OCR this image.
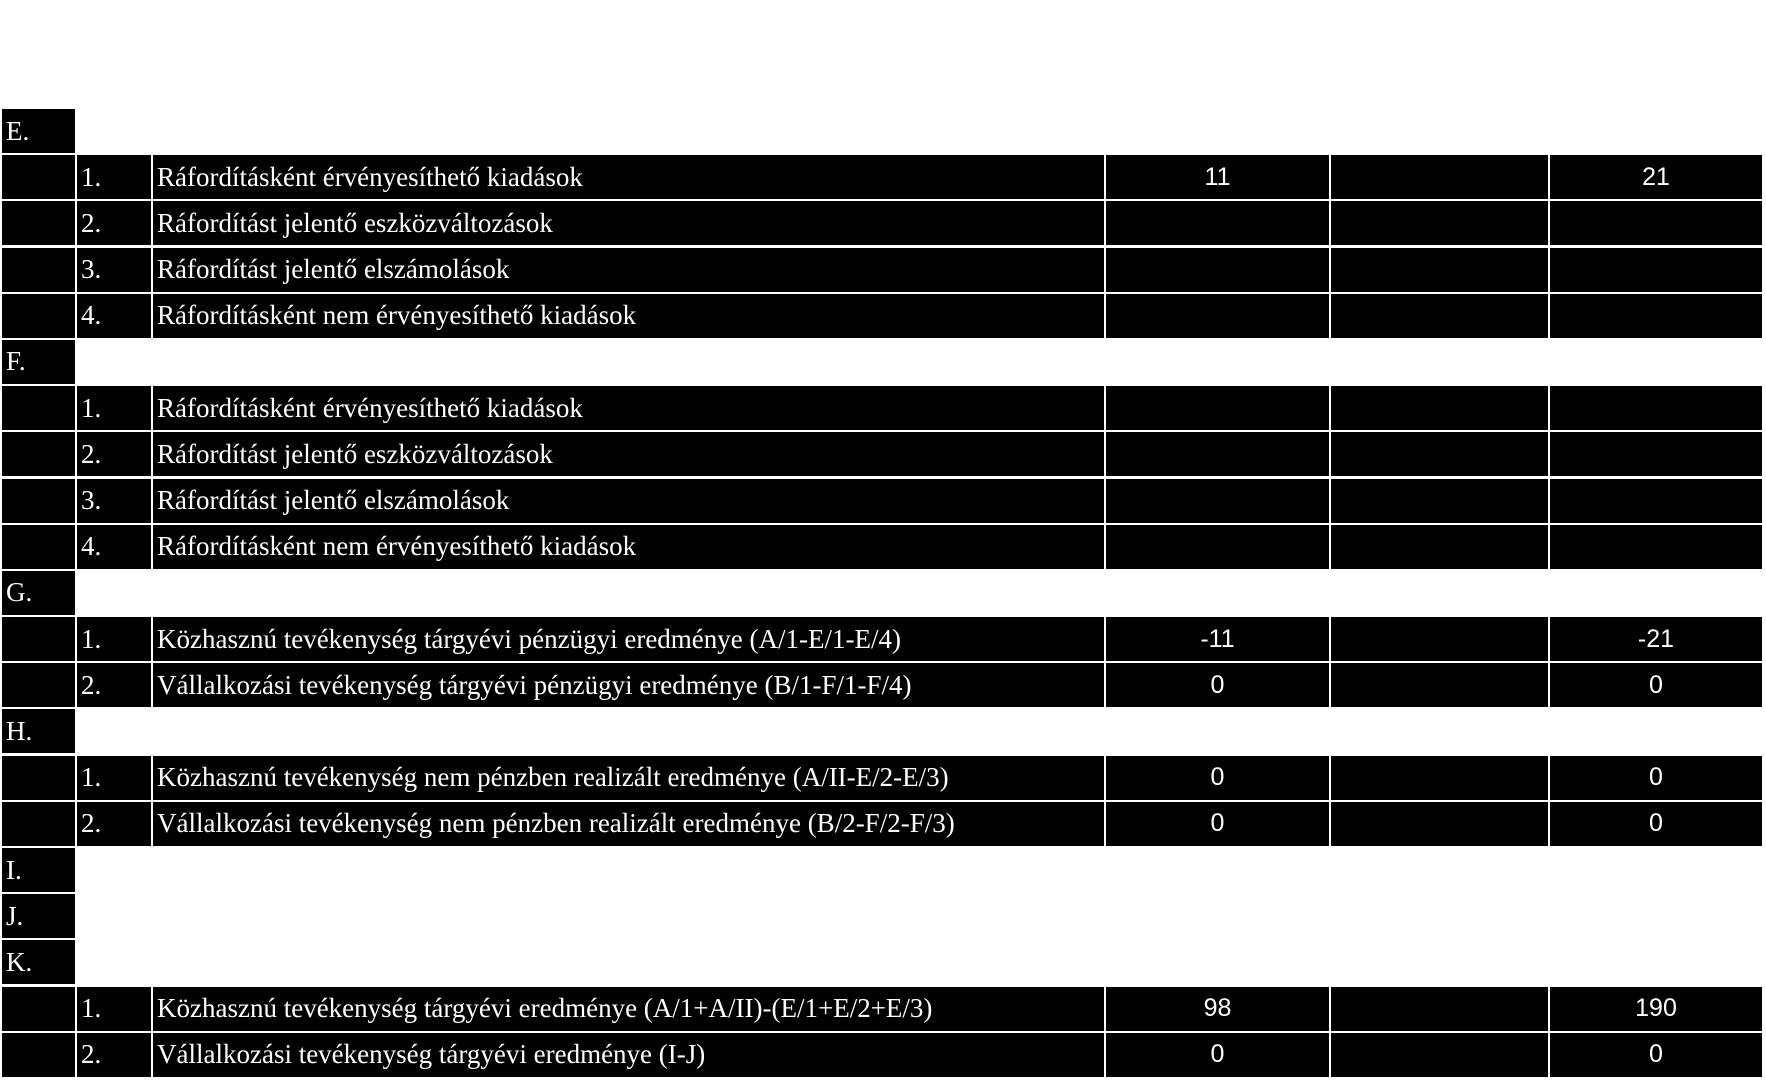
E.
1.	Ráfordításként érvényesíthető kiadások	11	21
2.	Ráfordítást jelentő eszközváltozások
3.	Ráfordítást jelentő elszámolások
4.	Ráfordításként nem érvényesíthető kiadások
F.
1.	Ráfordításként érvényesíthető kiadások
2.	Ráfordítást jelentő eszközváltozások
3.	Ráfordítást jelentő elszámolások
4.	Ráfordításként nem érvényesíthető kiadások
G.
1.	Közhasznú tevékenység tárgyévi pénzügyi eredménye (A/1-E/1-E/4)	-11	-21
2.	Vállalkozási tevékenység tárgyévi pénzügyi eredménye (B/1-F/1-F/4)	0	0
H.
1.	Közhasznú tevékenység nem pénzben realizált eredménye (A/II-E/2-E/3)	0	0
2.	Vállalkozási tevékenység nem pénzben realizált eredménye (B/2-F/2-F/3)	0	0
I.
J.
K.
1.	Közhasznú tevékenység tárgyévi eredménye (A/1+A/II)-(E/1+E/2+E/3)	98	190
2.	Vállalkozási tevékenység tárgyévi eredménye (I-J)	0	0
